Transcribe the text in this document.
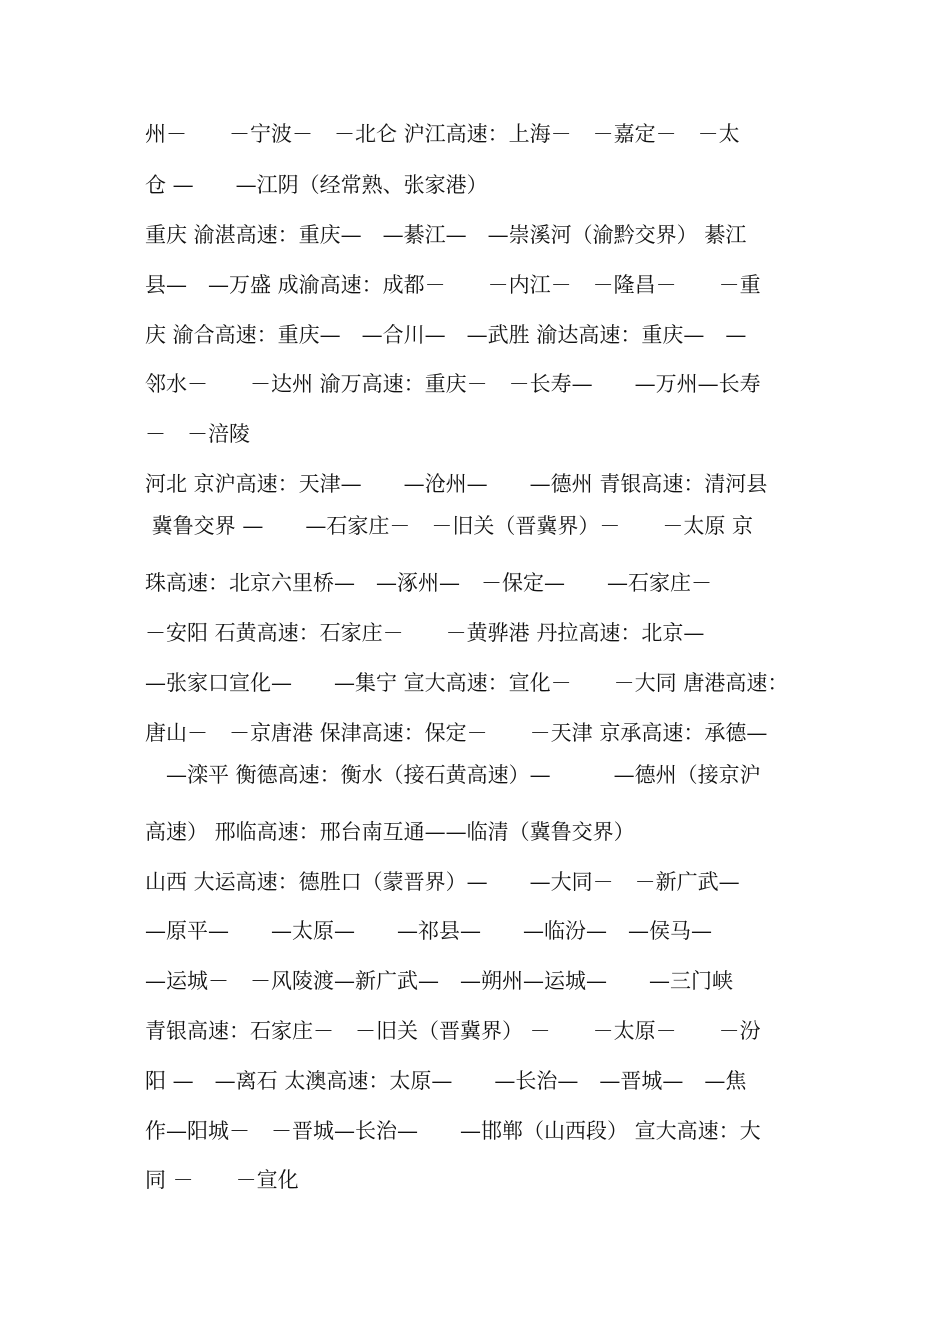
州－　　－宁波－　－北仑 沪江高速：上海－　－嘉定－　－太

仓 —　　—江阴（经常熟、张家港）

重庆 渝湛高速：重庆—　—綦江—　—崇溪河（渝黔交界） 綦江

县—　—万盛 成渝高速：成都－　　－内江－　－隆昌－　　－重

庆 渝合高速：重庆—　—合川—　—武胜 渝达高速：重庆—　—

邻水－　　－达州 渝万高速：重庆－　－长寿—　　—万州—长寿

－　－涪陵

河北 京沪高速：天津—　　—沧州—　　—德州 青银高速：清河县

冀鲁交界 —　　—石家庄－　－旧关（晋冀界）－　　－太原 京

珠高速：北京六里桥—　—涿州—　－保定—　　—石家庄－

－安阳 石黄高速：石家庄－　　－黄骅港 丹拉高速：北京—

—张家口宣化—　　—集宁 宣大高速：宣化－　　－大同 唐港高速：

唐山－　－京唐港 保津高速：保定－　　－天津 京承高速：承德—

　—滦平 衡德高速：衡水（接石黄高速）—　　　—德州（接京沪

高速） 邢临高速：邢台南互通——临清（冀鲁交界）

山西 大运高速：德胜口（蒙晋界）—　　—大同－　－新广武—

—原平—　　—太原—　　—祁县—　　—临汾—　—侯马—

—运城－　－风陵渡—新广武—　—朔州—运城—　　—三门峡

青银高速：石家庄－　－旧关（晋冀界） －　　－太原－　　－汾

阳 —　—离石 太澳高速：太原—　　—长治—　—晋城—　—焦

作—阳城－　－晋城—长治—　　—邯郸（山西段） 宣大高速：大

同 －　　－宣化
